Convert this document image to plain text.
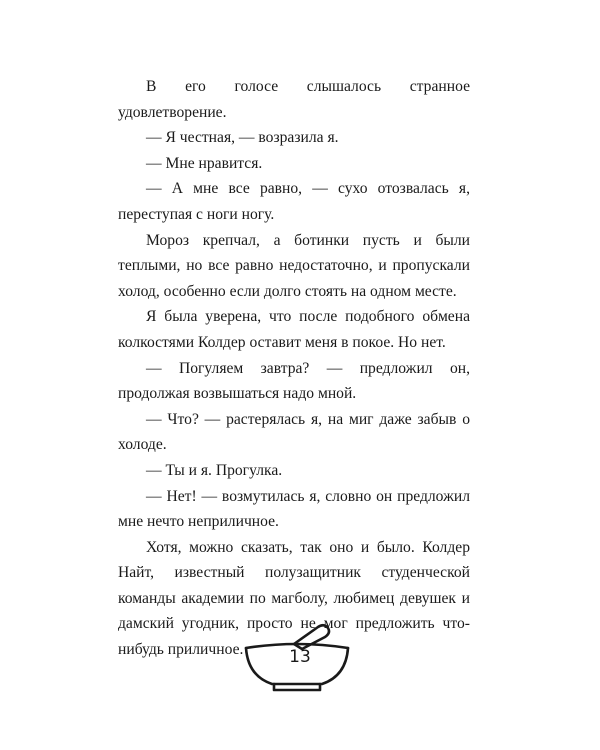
В его голосе слышалось странное удовлетворение.

— Я честная, — возразила я.

— Мне нравится.

— А мне все равно, — сухо отозвалась я, переступая с ноги ногу.

Мороз крепчал, а ботинки пусть и были теплыми, но все равно недостаточно, и пропускали холод, особенно если долго стоять на одном месте.

Я была уверена, что после подобного обмена колкостями Колдер оставит меня в покое. Но нет.

— Погуляем завтра? — предложил он, продолжая возвышаться надо мной.

— Что? — растерялась я, на миг даже забыв о холоде.

— Ты и я. Прогулка.

— Нет! — возмутилась я, словно он предложил мне нечто неприличное.

Хотя, можно сказать, так оно и было. Колдер Найт, известный полузащитник студенческой команды академии по магболу, любимец девушек и дамский угодник, просто не мог предложить что-нибудь приличное.	13
